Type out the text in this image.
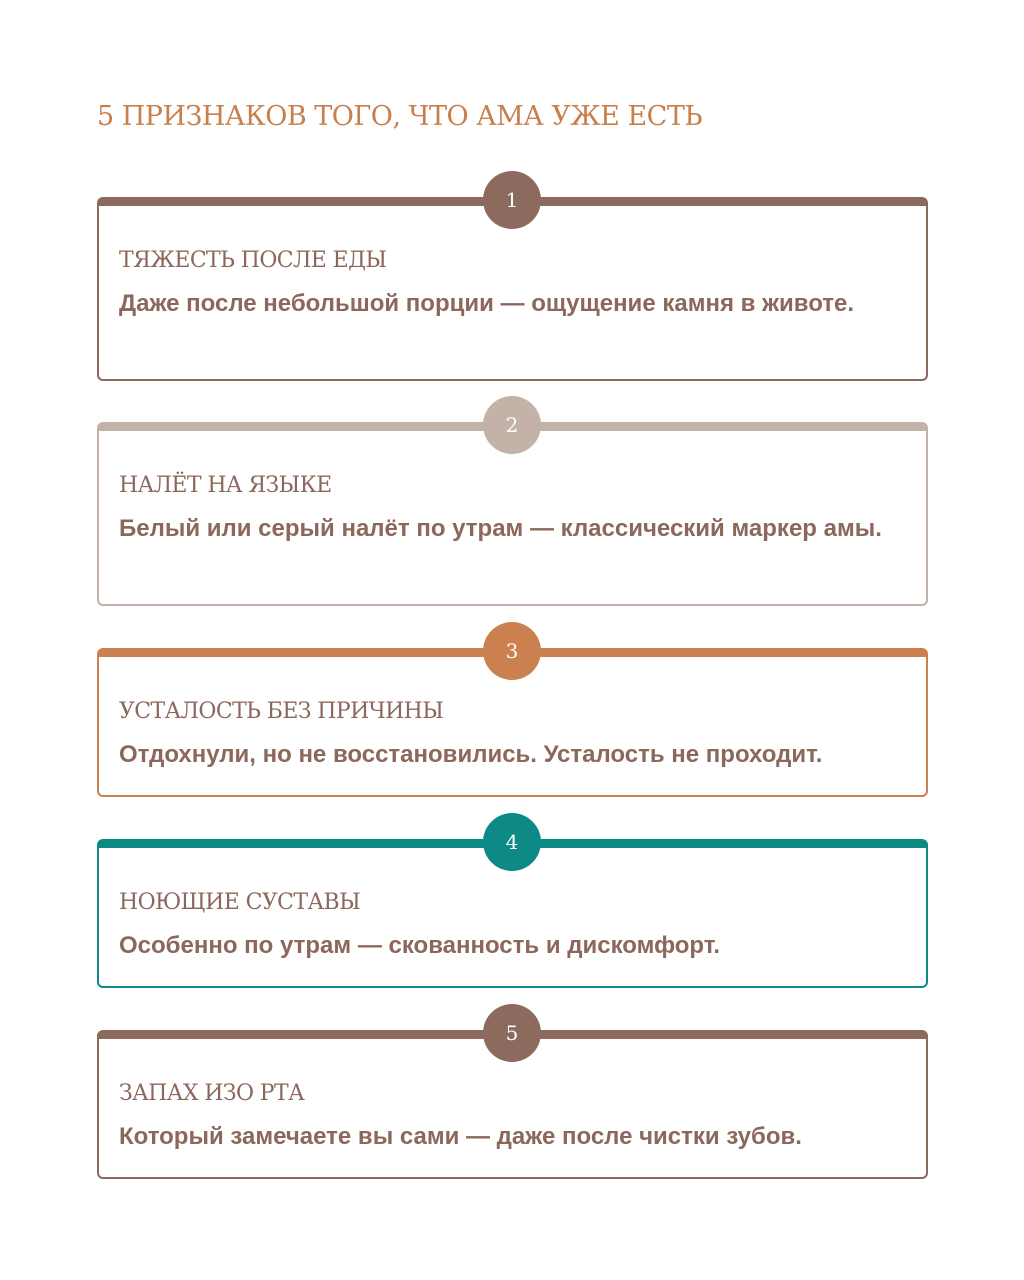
5 ПРИЗНАКОВ ТОГО, ЧТО АМА УЖЕ ЕСТЬ
1
ТЯЖЕСТЬ ПОСЛЕ ЕДЫ

Даже после небольшой порции — ощущение камня в животе.

2
НАЛЁТ НА ЯЗЫКЕ

Белый или серый налёт по утрам — классический маркер амы.

3
УСТАЛОСТЬ БЕЗ ПРИЧИНЫ

Отдохнули, но не восстановились. Усталость не проходит.

4
НОЮЩИЕ СУСТАВЫ

Особенно по утрам — скованность и дискомфорт.

5
ЗАПАХ ИЗО РТА

Который замечаете вы сами — даже после чистки зубов.
